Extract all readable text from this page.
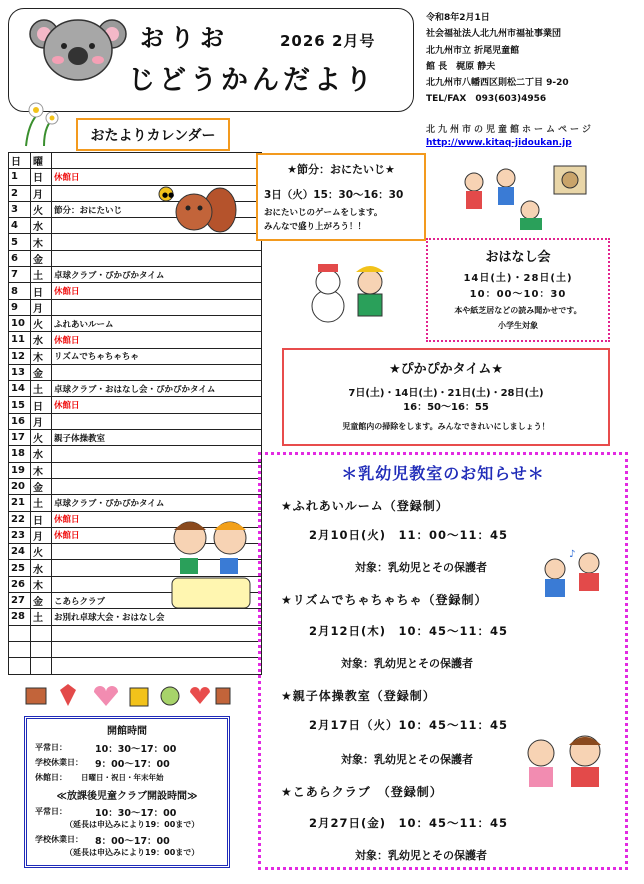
おりお	2026 2月号
じどうかんだより
令和8年2月1日
社会福祉法人北九州市福祉事業団
北九州市立 折尾児童館
館 長　梶原 静夫
北九州市八幡西区則松二丁目 9-20
TEL/FAX　093(603)4956
北九州市の児童館ホームページ
http://www.kitaq-jidoukan.jp
おたよりカレンダー
日	曜	
1	日	休館日
2	月	
3	火	節分：おにたいじ
4	水	
5	木	
6	金	
7	土	卓球クラブ・ぴかぴかタイム
8	日	休館日
9	月	
10	火	ふれあいルーム
11	水	休館日
12	木	リズムでちゃちゃちゃ
13	金	
14	土	卓球クラブ・おはなし会・ぴかぴかタイム
15	日	休館日
16	月	
17	火	親子体操教室
18	水	
19	木	
20	金	
21	土	卓球クラブ・ぴかぴかタイム
22	日	休館日
23	月	休館日
24	火	
25	水	
26	木	
27	金	こあらクラブ
28	土	お別れ卓球大会・おはなし会

●●
★節分：おにたいじ★
3日（火）15：30～16：30
おにたいじのゲームをします。
みんなで盛り上がろう！！
おはなし会
14日(土)・28日(土)
10：00～10：30
本や紙芝居などの読み聞かせです。
小学生対象
★ぴかぴかタイム★
7日(土)・14日(土)・21日(土)・28日(土)
16：50～16：55
児童館内の掃除をします。みんなできれいにしましょう！
＊乳幼児教室のお知らせ＊
★ふれあいルーム（登録制）
2月10日(火)　11：00～11：45
対象：乳幼児とその保護者
★リズムでちゃちゃちゃ（登録制）
2月12日(木)　10：45～11：45
対象：乳幼児とその保護者
★親子体操教室（登録制）
2月17日（火）10：45～11：45
対象：乳幼児とその保護者
★こあらクラブ　（登録制）
2月27日(金)　10：45～11：45
対象：乳幼児とその保護者
♪
開館時間
平常日：	10：30～17：00
学校休業日：	9：00～17：00
休館日：	日曜日・祝日・年末年始
≪放課後児童クラブ開設時間≫
平常日：	10：30～17：00
（延長は申込みにより19：00まで）
学校休業日：	8：00～17：00
（延長は申込みにより19：00まで）
